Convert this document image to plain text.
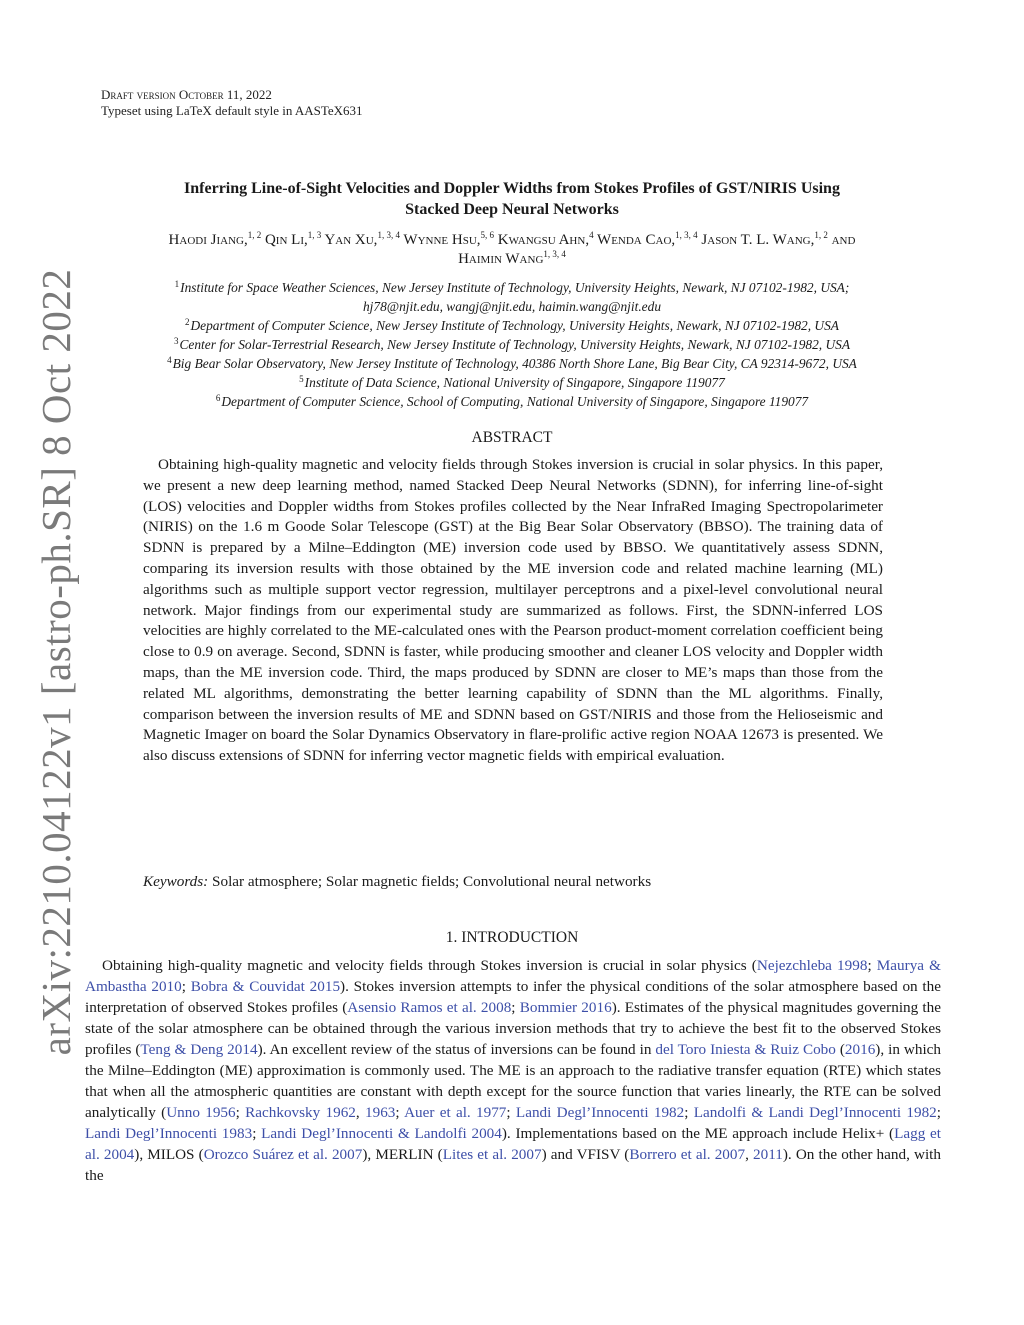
arXiv:2210.04122v1 [astro-ph.SR] 8 Oct 2022
Draft version October 11, 2022
Typeset using LaTeX default style in AASTeX631
Inferring Line-of-Sight Velocities and Doppler Widths from Stokes Profiles of GST/NIRIS Using
Stacked Deep Neural Networks
Haodi Jiang,$^{1, 2}$ Qin Li,$^{1, 3}$ Yan Xu,$^{1, 3, 4}$ Wynne Hsu,$^{5, 6}$ Kwangsu Ahn,$^4$ Wenda Cao,$^{1, 3, 4}$ Jason T. L. Wang,$^{1, 2}$ and
Haimin Wang$^{1, 3, 4}$
$^1$Institute for Space Weather Sciences, New Jersey Institute of Technology, University Heights, Newark, NJ 07102-1982, USA;
hj78@njit.edu, wangj@njit.edu, haimin.wang@njit.edu
$^2$Department of Computer Science, New Jersey Institute of Technology, University Heights, Newark, NJ 07102-1982, USA
$^3$Center for Solar-Terrestrial Research, New Jersey Institute of Technology, University Heights, Newark, NJ 07102-1982, USA
$^4$Big Bear Solar Observatory, New Jersey Institute of Technology, 40386 North Shore Lane, Big Bear City, CA 92314-9672, USA
$^5$Institute of Data Science, National University of Singapore, Singapore 119077
$^6$Department of Computer Science, School of Computing, National University of Singapore, Singapore 119077
ABSTRACT
Obtaining high-quality magnetic and velocity fields through Stokes inversion is crucial in solar physics. In this paper, we present a new deep learning method, named Stacked Deep Neural Networks (SDNN), for inferring line-of-sight (LOS) velocities and Doppler widths from Stokes profiles collected by the Near InfraRed Imaging Spectropolarimeter (NIRIS) on the 1.6 m Goode Solar Telescope (GST) at the Big Bear Solar Observatory (BBSO). The training data of SDNN is prepared by a Milne–Eddington (ME) inversion code used by BBSO. We quantitatively assess SDNN, comparing its inversion results with those obtained by the ME inversion code and related machine learning (ML) algorithms such as multiple support vector regression, multilayer perceptrons and a pixel-level convolutional neural network. Major findings from our experimental study are summarized as follows. First, the SDNN-inferred LOS velocities are highly correlated to the ME-calculated ones with the Pearson product-moment correlation coefficient being close to 0.9 on average. Second, SDNN is faster, while producing smoother and cleaner LOS velocity and Doppler width maps, than the ME inversion code. Third, the maps produced by SDNN are closer to ME’s maps than those from the related ML algorithms, demonstrating the better learning capability of SDNN than the ML algorithms. Finally, comparison between the inversion results of ME and SDNN based on GST/NIRIS and those from the Helioseismic and Magnetic Imager on board the Solar Dynamics Observatory in flare-prolific active region NOAA 12673 is presented. We also discuss extensions of SDNN for inferring vector magnetic fields with empirical evaluation.
Keywords: Solar atmosphere; Solar magnetic fields; Convolutional neural networks
1. INTRODUCTION
Obtaining high-quality magnetic and velocity fields through Stokes inversion is crucial in solar physics (Nejezchleba 1998; Maurya & Ambastha 2010; Bobra & Couvidat 2015). Stokes inversion attempts to infer the physical conditions of the solar atmosphere based on the interpretation of observed Stokes profiles (Asensio Ramos et al. 2008; Bommier 2016). Estimates of the physical magnitudes governing the state of the solar atmosphere can be obtained through the various inversion methods that try to achieve the best fit to the observed Stokes profiles (Teng & Deng 2014). An excellent review of the status of inversions can be found in del Toro Iniesta & Ruiz Cobo (2016), in which the Milne–Eddington (ME) approximation is commonly used. The ME is an approach to the radiative transfer equation (RTE) which states that when all the atmospheric quantities are constant with depth except for the source function that varies linearly, the RTE can be solved analytically (Unno 1956; Rachkovsky 1962, 1963; Auer et al. 1977; Landi Degl’Innocenti 1982; Landolfi & Landi Degl’Innocenti 1982; Landi Degl’Innocenti 1983; Landi Degl’Innocenti & Landolfi 2004). Implementations based on the ME approach include Helix+ (Lagg et al. 2004), MILOS (Orozco Suárez et al. 2007), MERLIN (Lites et al. 2007) and VFISV (Borrero et al. 2007, 2011). On the other hand, with the
